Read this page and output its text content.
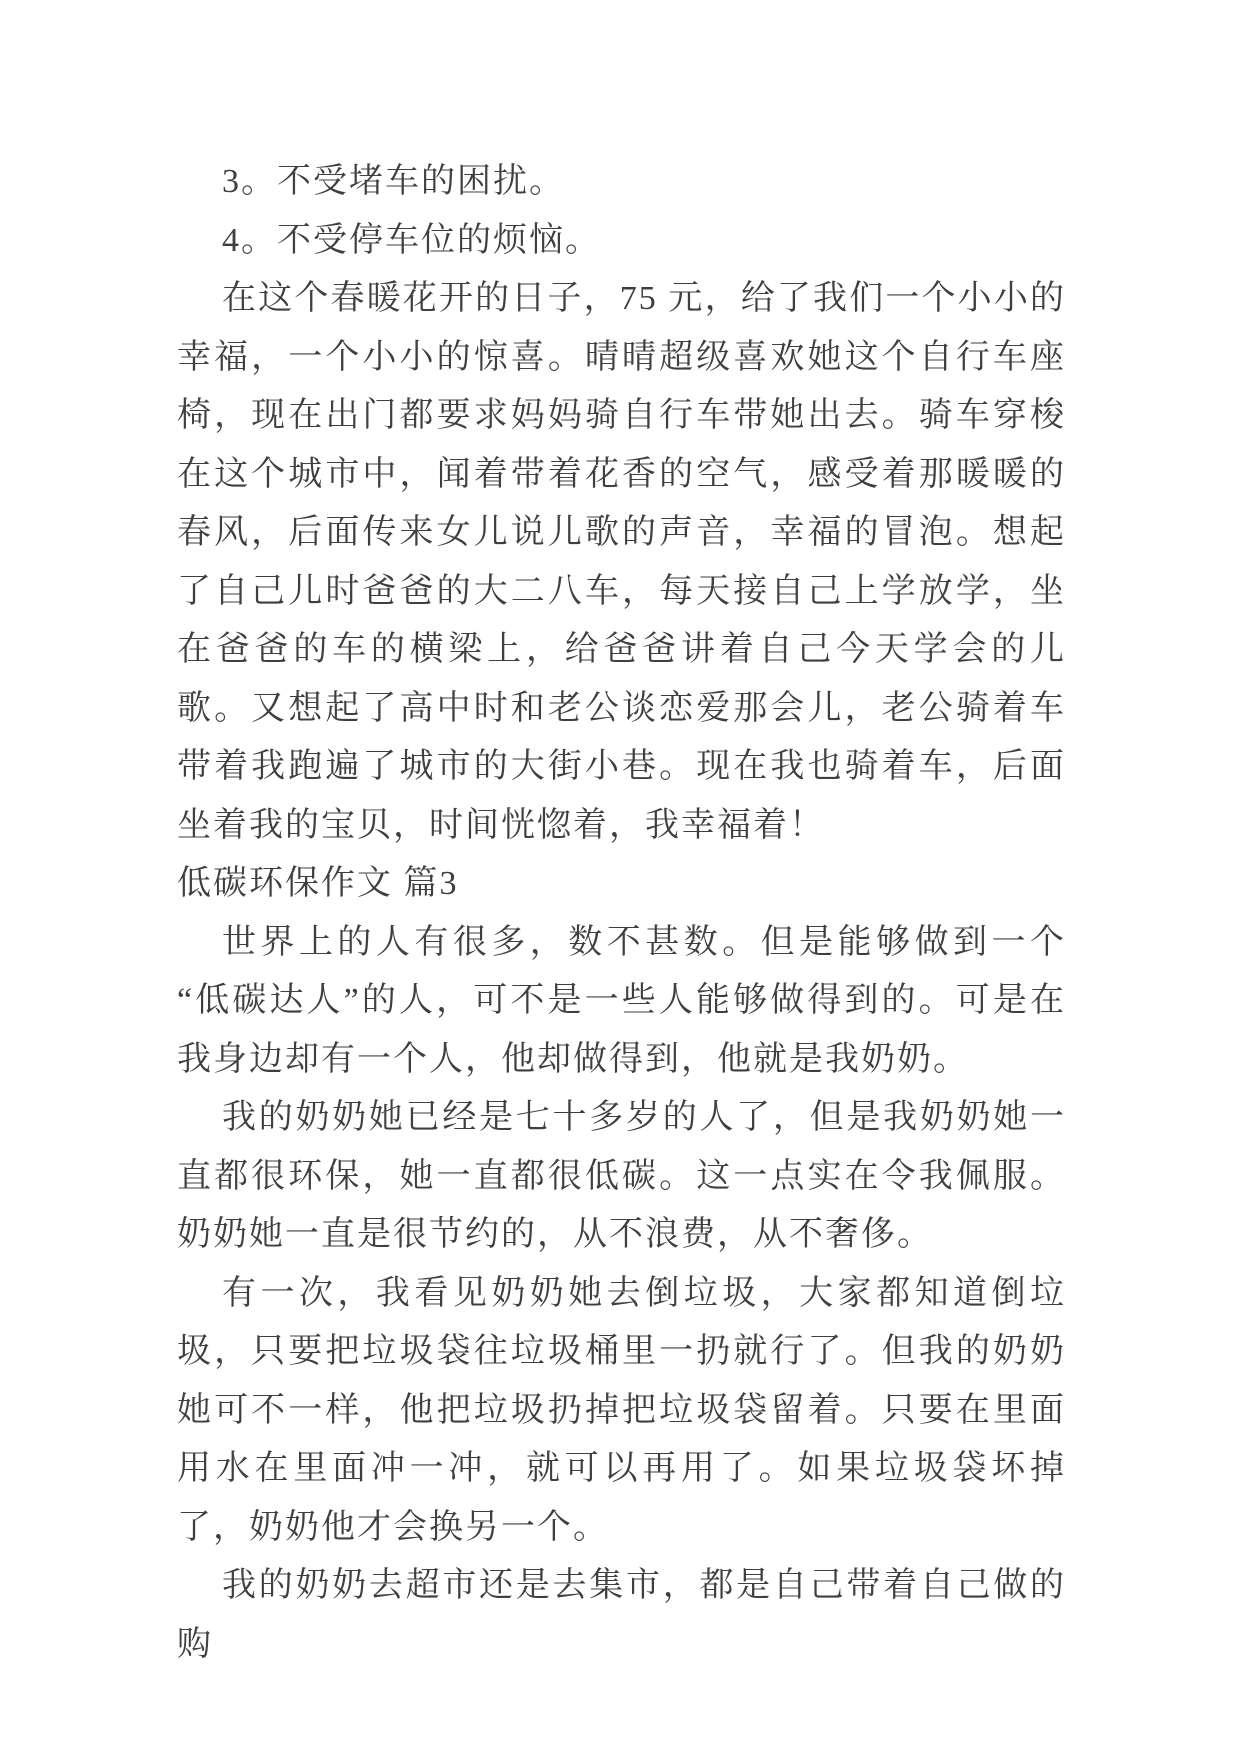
3。不受堵车的困扰。

4。不受停车位的烦恼。

在这个春暖花开的日子，75 元，给了我们一个小小的幸福，一个小小的惊喜。晴晴超级喜欢她这个自行车座椅，现在出门都要求妈妈骑自行车带她出去。骑车穿梭在这个城市中，闻着带着花香的空气，感受着那暖暖的春风，后面传来女儿说儿歌的声音，幸福的冒泡。想起了自己儿时爸爸的大二八车，每天接自己上学放学，坐在爸爸的车的横梁上，给爸爸讲着自己今天学会的儿歌。又想起了高中时和老公谈恋爱那会儿，老公骑着车带着我跑遍了城市的大街小巷。现在我也骑着车，后面坐着我的宝贝，时间恍惚着，我幸福着！

低碳环保作文 篇3

世界上的人有很多，数不甚数。但是能够做到一个“低碳达人”的人，可不是一些人能够做得到的。可是在我身边却有一个人，他却做得到，他就是我奶奶。

我的奶奶她已经是七十多岁的人了，但是我奶奶她一直都很环保，她一直都很低碳。这一点实在令我佩服。奶奶她一直是很节约的，从不浪费，从不奢侈。

有一次，我看见奶奶她去倒垃圾，大家都知道倒垃圾，只要把垃圾袋往垃圾桶里一扔就行了。但我的奶奶她可不一样，他把垃圾扔掉把垃圾袋留着。只要在里面用水在里面冲一冲，就可以再用了。如果垃圾袋坏掉了，奶奶他才会换另一个。

我的奶奶去超市还是去集市，都是自己带着自己做的购
